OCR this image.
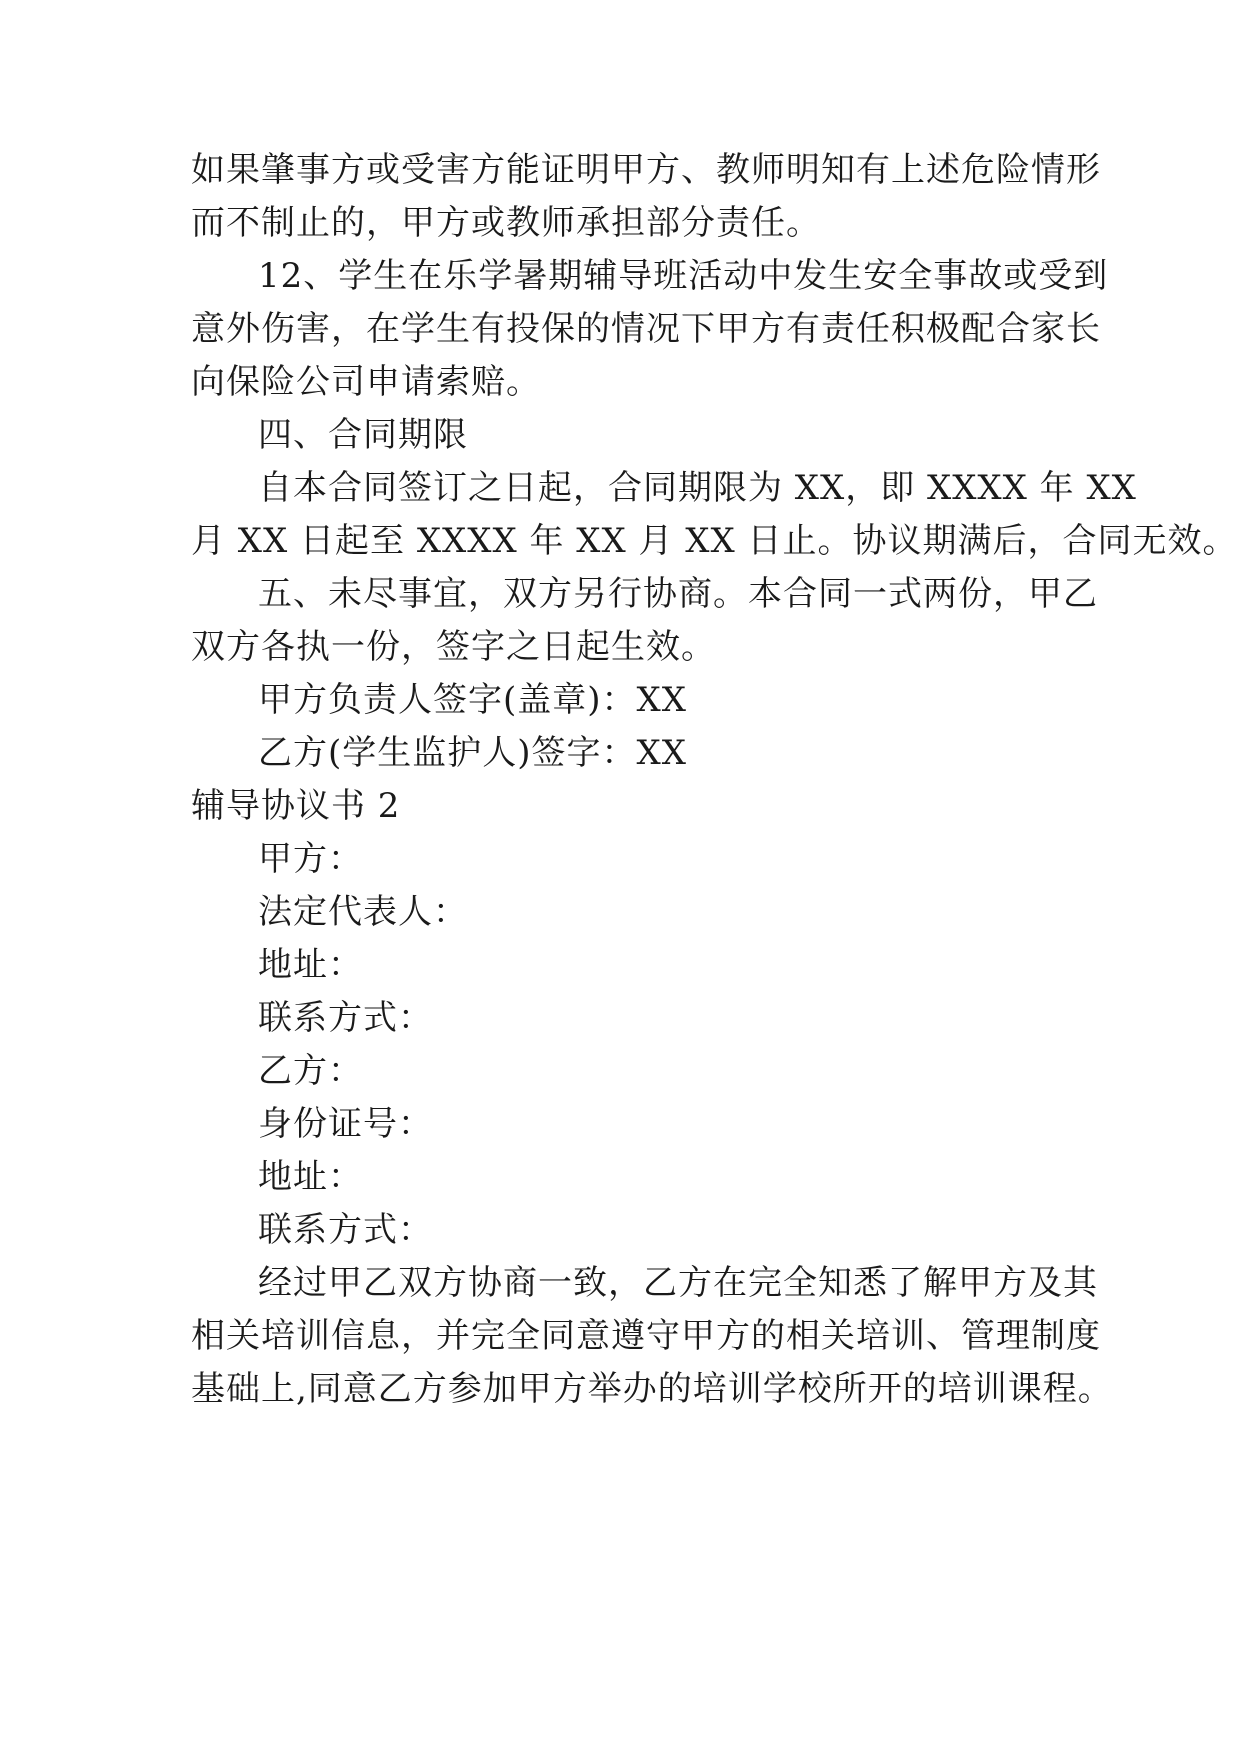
如果肇事方或受害方能证明甲方、教师明知有上述危险情形
而不制止的，甲方或教师承担部分责任。
12、学生在乐学暑期辅导班活动中发生安全事故或受到
意外伤害，在学生有投保的情况下甲方有责任积极配合家长
向保险公司申请索赔。
四、合同期限
自本合同签订之日起，合同期限为 XX，即 XXXX 年 XX
月 XX 日起至 XXXX 年 XX 月 XX 日止。协议期满后，合同无效。
五、未尽事宜，双方另行协商。本合同一式两份，甲乙
双方各执一份，签字之日起生效。
甲方负责人签字(盖章)：XX
乙方(学生监护人)签字：XX
辅导协议书 2
甲方：
法定代表人：
地址：
联系方式：
乙方：
身份证号：
地址：
联系方式：
经过甲乙双方协商一致，乙方在完全知悉了解甲方及其
相关培训信息，并完全同意遵守甲方的相关培训、管理制度
基础上,同意乙方参加甲方举办的培训学校所开的培训课程。
